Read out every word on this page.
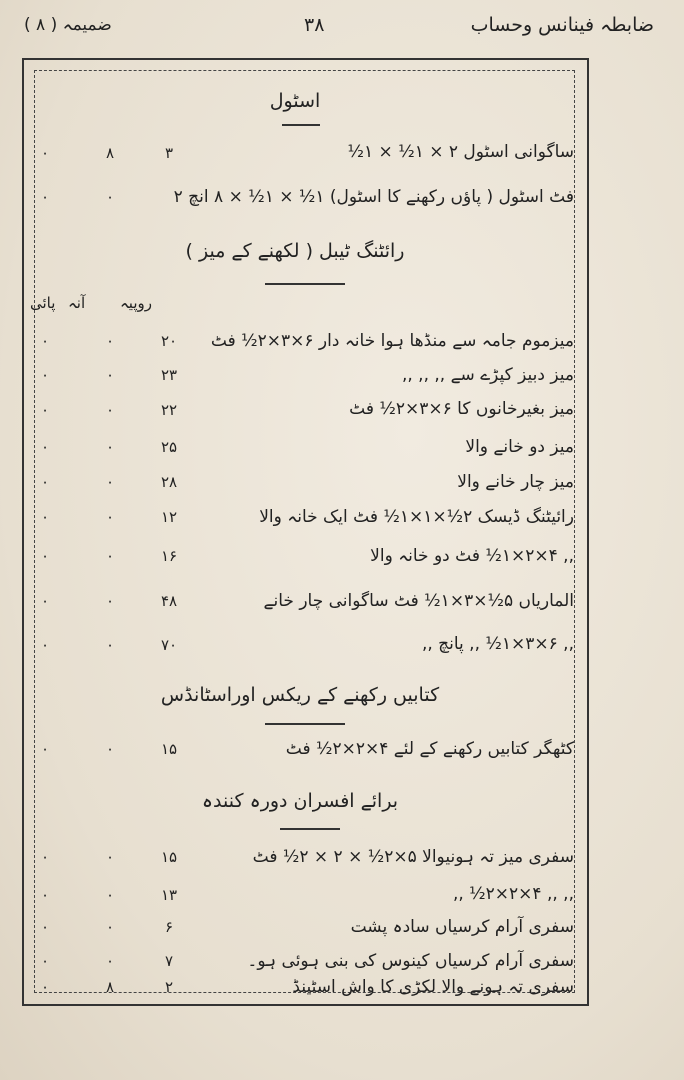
ضابطہ فینانس وحساب
۳۸
ضمیمہ ( ۸ )
اسٹول
ساگوانی اسٹول ۲ × ۱½ × ۱½
۳
۸
۰
فٹ اسٹول ( پاؤں رکھنے کا اسٹول) ۱½ × ۱½ × ۸ انچ ۲
۰
۰
رائٹنگ ٹیبل ( لکھنے کے میز )
روپیہ
آنہ
پائی
میزموم جامہ سے منڈھا ہوا خانہ دار ۶×۳×۲½ فٹ
۲۰
۰
۰
میز دبیز کپڑے سے ,, ,, ,,
۲۳
۰
۰
میز بغیرخانوں کا ۶×۳×۲½ فٹ
۲۲
۰
۰
میز دو خانے والا
۲۵
۰
۰
میز چار خانے والا
۲۸
۰
۰
رائیٹنگ ڈیسک ۲½×۱×۱½ فٹ ایک خانہ والا
۱۲
۰
۰
,, ۴×۲×۱½ فٹ دو خانہ والا
۱۶
۰
۰
الماریاں ۵½×۳×۱½ فٹ ساگوانی چار خانے
۴۸
۰
۰
,, ۶×۳×۱½ ,, پانچ ,,
۷۰
۰
۰
کتابیں رکھنے کے ریکس اوراسٹانڈس
کٹھگر کتابیں رکھنے کے لئے ۴×۲×۲½ فٹ
۱۵
۰
۰
برائے افسران دورہ کنندہ
سفری میز تہ ہونیوالا ۵×۲½ × ۲ × ۲½ فٹ
۱۵
۰
۰
,, ,, ۴×۲×۲½ ,,
۱۳
۰
۰
سفری آرام کرسیاں سادہ پشت
۶
۰
۰
سفری آرام کرسیاں کینوس کی بنی ہوئی ہو۔
۷
۰
۰
سفری تہ ہونے والا لکڑی کا واش اسٹینڈ
۲
۸
۰
